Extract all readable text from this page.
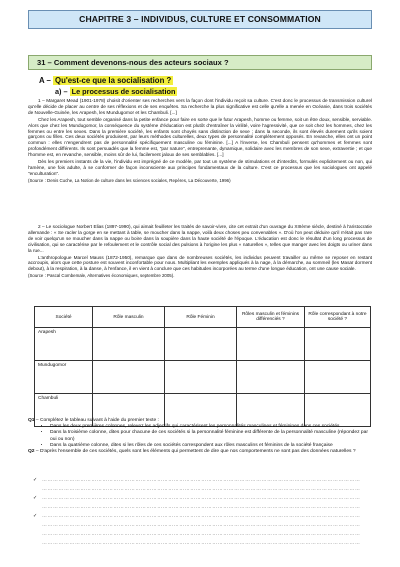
CHAPITRE 3 – INDIVIDUS, CULTURE ET CONSOMMATION
31 – Comment devenons-nous des acteurs sociaux ?
A – Qu'est-ce que la socialisation ?
a) – Le processus de socialisation

1 – Margaret Mead (1901-1978) choisit d'orienter ses recherches vers la façon dont l'individu reçoit sa culture. C'est donc le processus de transmission culturel qu'elle décide de placer au centre de ses réflexions et de ses enquêtes. Sa recherche la plus significative est celle qu'elle a menée en Océanie, dans trois sociétés de Nouvelle-Guinée, les Arapesh, les Mundugomor et les Chambuli. [...]

Chez les Arapesh, tout semble organisé dans la petite enfance pour faire en sorte que le futur Arapesh, homme ou femme, soit un être doux, sensible, serviable. Alors que chez les Mundugomor, la conséquence du système d'éducation est plutôt d'entraîner la virilité, voire l'agressivité, que ce soit chez les hommes, chez les femmes ou entre les sexes. Dans la première société, les enfants sont choyés sans distinction de sexe ; dans la seconde, ils sont élevés durement qu'ils soient garçons ou filles. Ces deux sociétés produisent, par leurs méthodes culturelles, deux types de personnalité complètement opposés. En revanche, elles ont un point commun : elles n'engendrent pas de personnalité spécifiquement masculine ou féminine. [...] A l'inverse, les Chambuli pensent qu'hommes et femmes sont profondément différents. Ils sont persuadés que la femme est, "par nature", entreprenante, dynamique, solidaire avec les membres de son sexe, extravertie ; et que l'homme est, en revanche, sensible, moins sûr de lui, facilement jaloux de ses semblables. [...]

Dès les premiers instants de la vie, l'individu est imprégné de ce modèle, par tout un système de stimulations et d'interdits, formulés explicitement ou non, qui l'amène, une fois adulte, à se conformer de façon inconsciente aux principes fondamentaux de la culture. C'est ce processus que les sociologues ont appelé "enculturation".

(Source : Denis Cuche, La Notion de culture dans les sciences sociales, Repères, La Découverte, 1996)

2 – Le sociologue Norbert Elias (1897-1990), qui aimait feuilleter les traités de savoir-vivre, cite cet extrait d'un ouvrage du XIIIème siècle, destiné à l'aristocratie allemande : « Se racler la gorge en se mettant à table, se moucher dans la nappe, voilà deux choses peu convenables ». D'où l'on peut déduire qu'il n'était pas rare de voir quelqu'un se moucher dans la nappe ou boire dans la soupière dans la haute société de l'époque. L'éducation est donc le résultat d'un long processus de civilisation, qui se caractérise par le refoulement et le contrôle social des pulsions à l'origine les plus « naturelles », telles que manger avec les doigts ou uriner dans la rue...

L'anthropologue Marcel Mauss (1872-1950), remarque que dans de nombreuses sociétés, les individus peuvent travailler ou même se reposer en restant accroupis, alors que cette posture est souvent inconfortable pour nous. Multipliant les exemples appliqués à la nage, à la démarche, au sommeil (les Masaï dorment debout), à la respiration, à la danse, à l'enfance, il en vient à conclure que ces habitudes incorporées au terme d'une longue éducation, ont une cause sociale.

(Source : Pascal Combemale, Alternatives économiques, septembre 2005).
Société	Rôle masculin	Rôle Féminin	Rôles masculin et féminins différenciés ?	Rôle correspondant à notre société ?
Arapesh				
Mundugomor				
Chambuli				

Q1 – Complétez le tableau suivant à l'aide du premier texte :

• Dans les deux premières colonnes, relevez les adjectifs qui caractérisent les personnalités masculines et féminines dans ces sociétés
• Dans la troisième colonne, dites pour chacune de ces sociétés si la personnalité féminine est différente de la personnalité masculine (répondez par oui ou non)
• Dans la quatrième colonne, dites si les rôles de ces sociétés correspondent aux rôles masculins et féminins de la société française

Q2 – D'après l'ensemble de ces sociétés, quels sont les éléments qui permettent de dire que nos comportements ne sont pas des données naturelles ?

✓	…………………………………………………………………………………………………………………………………………………………
…………………………………………………………………………………………………………………………………………………………
✓	…………………………………………………………………………………………………………………………………………………………
…………………………………………………………………………………………………………………………………………………………
✓	…………………………………………………………………………………………………………………………………………………………
…………………………………………………………………………………………………………………………………………………………
…………………………………………………………………………………………………………………………………………………………
…………………………………………………………………………………………………………………………………………………………
